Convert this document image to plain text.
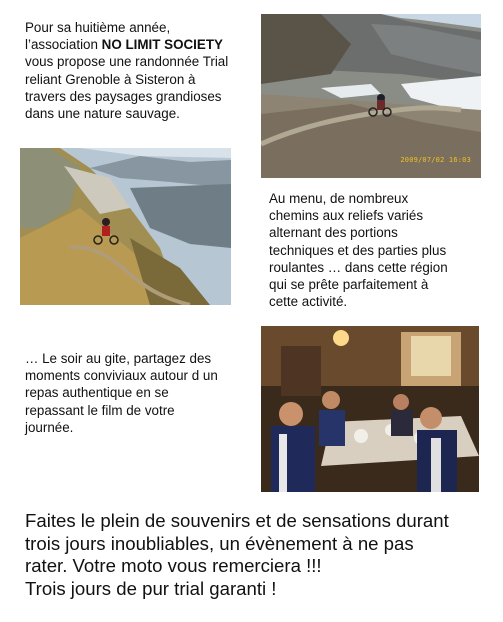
Pour sa huitième année,
l’association NO LIMIT SOCIETY
vous propose une randonnée Trial
reliant Grenoble à Sisteron à
travers des paysages grandioses
dans une nature sauvage.
2009/07/02 16:03
Au menu, de nombreux
chemins aux reliefs variés
alternant des portions
techniques et des parties plus
roulantes … dans cette région
qui se prête parfaitement à
cette activité.
… Le soir au gite, partagez des
moments conviviaux autour d un
repas authentique en se
repassant le film de votre
journée.
Faites le plein de souvenirs et de sensations durant
trois jours inoubliables, un évènement à ne pas
rater. Votre moto vous remerciera !!!
Trois jours de pur trial garanti !
